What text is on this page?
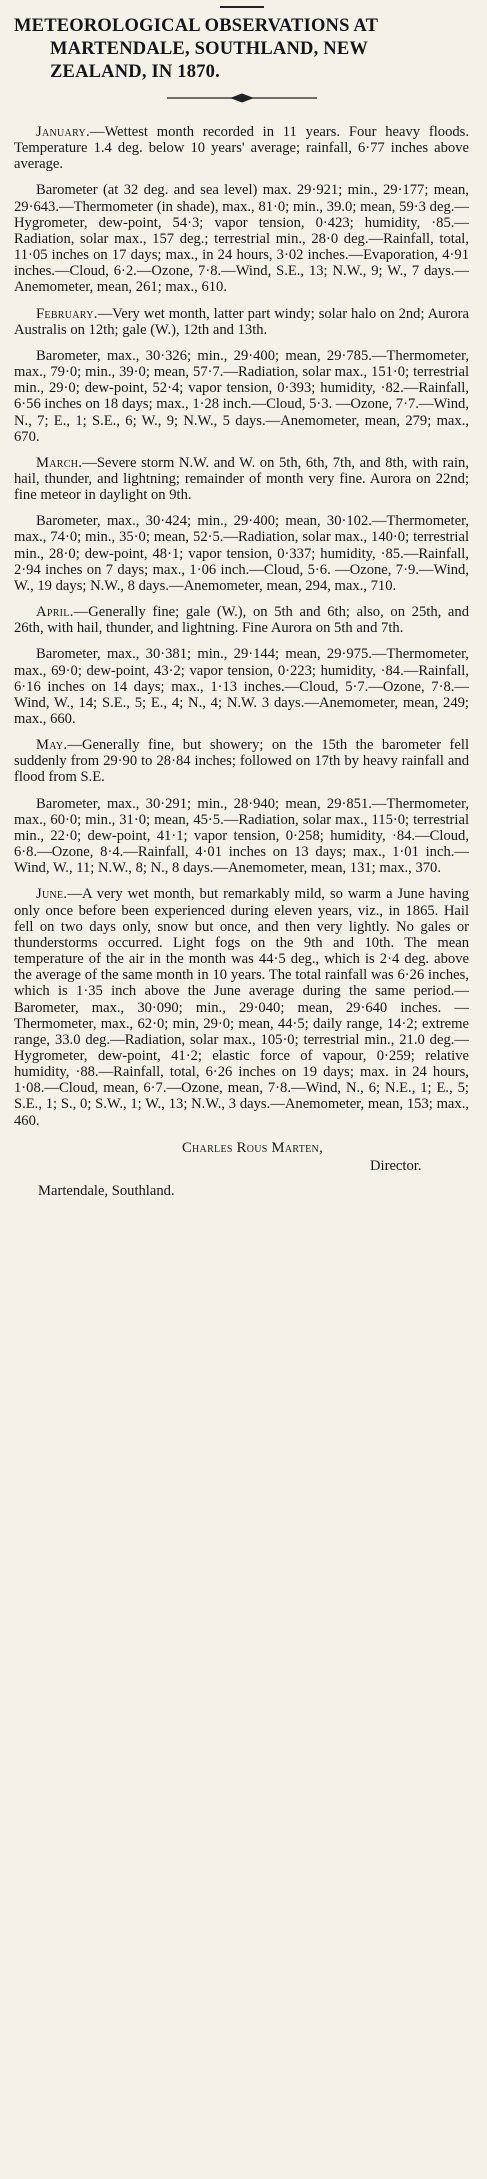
METEOROLOGICAL OBSERVATIONS AT
MARTENDALE, SOUTHLAND, NEW
ZEALAND, IN 1870.

January.—Wettest month recorded in 11 years. Four heavy floods. Temperature 1.4 deg. below 10 years' average; rainfall, 6·77 inches above average.

Barometer (at 32 deg. and sea level) max. 29·921; min., 29·177; mean, 29·643.—Thermometer (in shade), max., 81·0; min., 39.0; mean, 59·3 deg.—Hygrometer, dew-point, 54·3; vapor tension, 0·423; humidity, ·85.—Radiation, solar max., 157 deg.; terrestrial min., 28·0 deg.—Rainfall, total, 11·05 inches on 17 days; max., in 24 hours, 3·02 inches.—Evaporation, 4·91 inches.—Cloud, 6·2.—Ozone, 7·8.—Wind, S.E., 13; N.W., 9; W., 7 days.—Anemometer, mean, 261; max., 610.

February.—Very wet month, latter part windy; solar halo on 2nd; Aurora Australis on 12th; gale (W.), 12th and 13th.

Barometer, max., 30·326; min., 29·400; mean, 29·785.—Thermometer, max., 79·0; min., 39·0; mean, 57·7.—Radiation, solar max., 151·0; terrestrial min., 29·0; dew-point, 52·4; vapor tension, 0·393; humidity, ·82.—Rainfall, 6·56 inches on 18 days; max., 1·28 inch.—Cloud, 5·3. —Ozone, 7·7.—Wind, N., 7; E., 1; S.E., 6; W., 9; N.W., 5 days.—Anemometer, mean, 279; max., 670.

March.—Severe storm N.W. and W. on 5th, 6th, 7th, and 8th, with rain, hail, thunder, and lightning; remainder of month very fine. Aurora on 22nd; fine meteor in daylight on 9th.

Barometer, max., 30·424; min., 29·400; mean, 30·102.—Thermometer, max., 74·0; min., 35·0; mean, 52·5.—Radiation, solar max., 140·0; terrestrial min., 28·0; dew-point, 48·1; vapor tension, 0·337; humidity, ·85.—Rainfall, 2·94 inches on 7 days; max., 1·06 inch.—Cloud, 5·6. —Ozone, 7·9.—Wind, W., 19 days; N.W., 8 days.—Anemometer, mean, 294, max., 710.

April.—Generally fine; gale (W.), on 5th and 6th; also, on 25th, and 26th, with hail, thunder, and lightning. Fine Aurora on 5th and 7th.

Barometer, max., 30·381; min., 29·144; mean, 29·975.—Thermometer, max., 69·0; dew-point, 43·2; vapor tension, 0·223; humidity, ·84.—Rainfall, 6·16 inches on 14 days; max., 1·13 inches.—Cloud, 5·7.—Ozone, 7·8.—Wind, W., 14; S.E., 5; E., 4; N., 4; N.W. 3 days.—Anemometer, mean, 249; max., 660.

May.—Generally fine, but showery; on the 15th the barometer fell suddenly from 29·90 to 28·84 inches; followed on 17th by heavy rainfall and flood from S.E.

Barometer, max., 30·291; min., 28·940; mean, 29·851.—Thermometer, max., 60·0; min., 31·0; mean, 45·5.—Radiation, solar max., 115·0; terrestrial min., 22·0; dew-point, 41·1; vapor tension, 0·258; humidity, ·84.—Cloud, 6·8.—Ozone, 8·4.—Rainfall, 4·01 inches on 13 days; max., 1·01 inch.—Wind, W., 11; N.W., 8; N., 8 days.—Anemometer, mean, 131; max., 370.

June.—A very wet month, but remarkably mild, so warm a June having only once before been experienced during eleven years, viz., in 1865. Hail fell on two days only, snow but once, and then very lightly. No gales or thunderstorms occurred. Light fogs on the 9th and 10th. The mean temperature of the air in the month was 44·5 deg., which is 2·4 deg. above the average of the same month in 10 years. The total rainfall was 6·26 inches, which is 1·35 inch above the June average during the same period.—Barometer, max., 30·090; min., 29·040; mean, 29·640 inches. —Thermometer, max., 62·0; min, 29·0; mean, 44·5; daily range, 14·2; extreme range, 33.0 deg.—Radiation, solar max., 105·0; terrestrial min., 21.0 deg.—Hygrometer, dew-point, 41·2; elastic force of vapour, 0·259; relative humidity, ·88.—Rainfall, total, 6·26 inches on 19 days; max. in 24 hours, 1·08.—Cloud, mean, 6·7.—Ozone, mean, 7·8.—Wind, N., 6; N.E., 1; E., 5; S.E., 1; S., 0; S.W., 1; W., 13; N.W., 3 days.—Anemometer, mean, 153; max., 460.

Charles Rous Marten,
Director.
Martendale, Southland.
